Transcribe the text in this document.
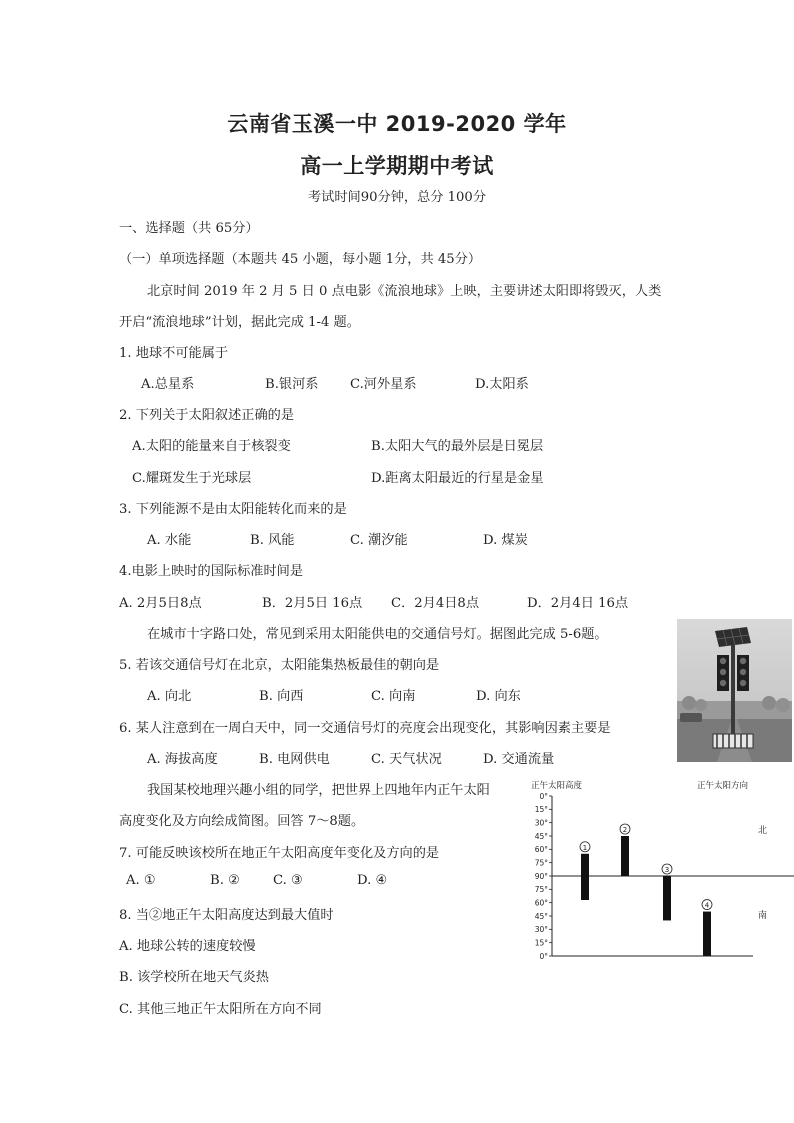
云南省玉溪一中 2019-2020 学年
高一上学期期中考试
考试时间90分钟，总分 100分
一、选择题（共 65分）
（一）单项选择题（本题共 45 小题，每小题 1分，共 45分）
北京时间 2019 年 2 月 5 日 0 点电影《流浪地球》上映，主要讲述太阳即将毁灭，人类
开启“流浪地球”计划，据此完成 1-4 题。
1. 地球不可能属于
A.总星系	B.银河系 C.河外星系	D.太阳系
2. 下列关于太阳叙述正确的是
A.太阳的能量来自于核裂变	B.太阳大气的最外层是日冕层
C.耀斑发生于光球层	D.距离太阳最近的行星是金星
3. 下列能源不是由太阳能转化而来的是
A. 水能	B. 风能	C. 潮汐能	D. 煤炭
4.电影上映时的国际标准时间是
A. 2月5日8点	B．2月5日 16点 C．2月4日8点	D．2月4日 16点
在城市十字路口处，常见到采用太阳能供电的交通信号灯。据图此完成 5-6题。
5. 若该交通信号灯在北京，太阳能集热板最佳的朝向是
A. 向北	B. 向西	C. 向南	D. 向东
6. 某人注意到在一周白天中，同一交通信号灯的亮度会出现变化，其影响因素主要是
A. 海拔高度	B. 电网供电	C. 天气状况	D. 交通流量
我国某校地理兴趣小组的同学，把世界上四地年内正午太阳
高度变化及方向绘成简图。回答 7～8题。
7. 可能反映该校所在地正午太阳高度年变化及方向的是
A. ①	B. ②	C. ③	D. ④
8. 当②地正午太阳高度达到最大值时
A. 地球公转的速度较慢
B. 该学校所在地天气炎热
C. 其他三地正午太阳所在方向不同
正午太阳高度	正午太阳方向
北
南
0°
15°
30°
45°
60°
75°
90°
75°
60°
45°
30°
15°
0°
1
2
3
4
